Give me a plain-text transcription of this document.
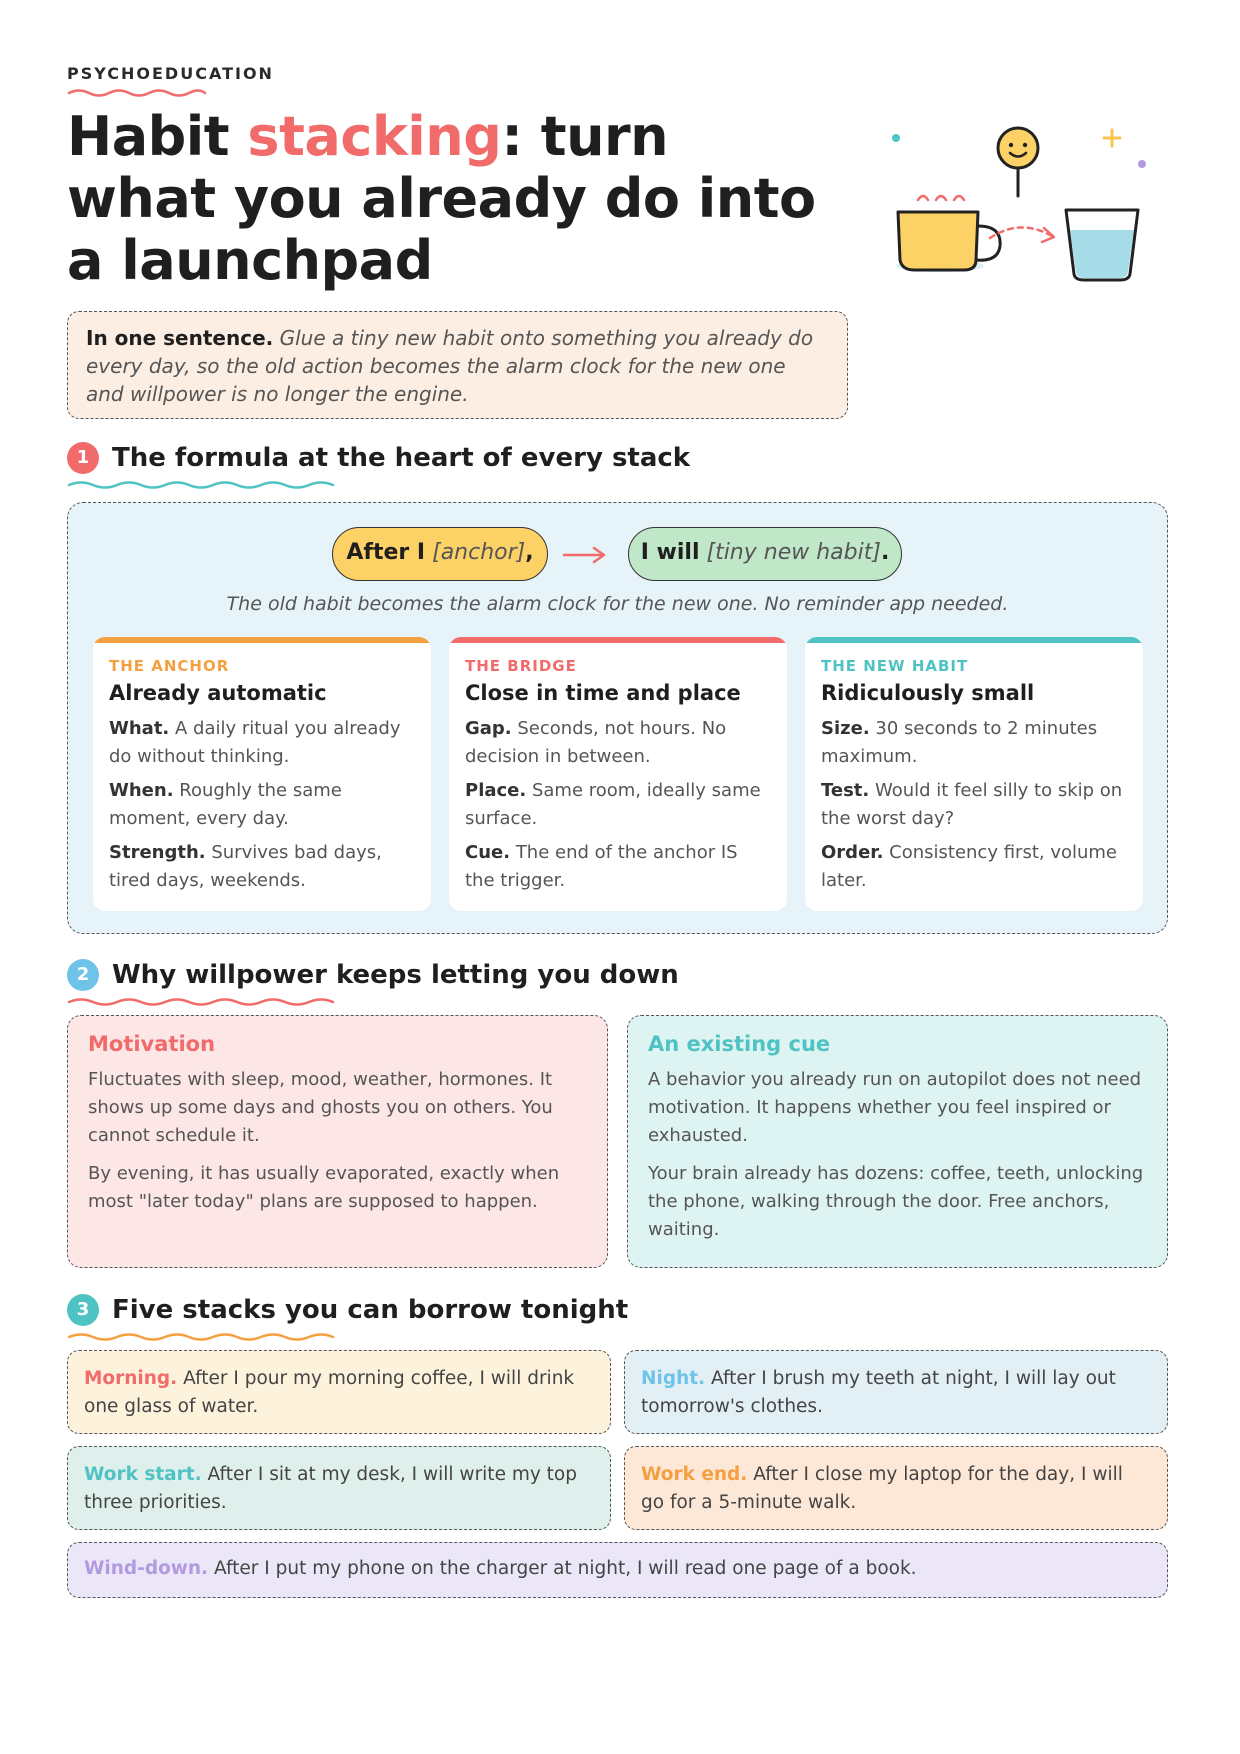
PSYCHOEDUCATION
Habit stacking: turn what you already do into a launchpad
In one sentence. Glue a tiny new habit onto something you already do every day, so the old action becomes the alarm clock for the new one and willpower is no longer the engine.
1 The formula at the heart of every stack
After I [anchor],	I will [tiny new habit].
The old habit becomes the alarm clock for the new one. No reminder app needed.
THE ANCHOR
Already automatic

What. A daily ritual you already do without thinking.

When. Roughly the same moment, every day.

Strength. Survives bad days, tired days, weekends.

THE BRIDGE
Close in time and place

Gap. Seconds, not hours. No decision in between.

Place. Same room, ideally same surface.

Cue. The end of the anchor IS the trigger.

THE NEW HABIT
Ridiculously small

Size. 30 seconds to 2 minutes maximum.

Test. Would it feel silly to skip on the worst day?

Order. Consistency first, volume later.

2 Why willpower keeps letting you down
Motivation

Fluctuates with sleep, mood, weather, hormones. It shows up some days and ghosts you on others. You cannot schedule it.

By evening, it has usually evaporated, exactly when most "later today" plans are supposed to happen.

An existing cue

A behavior you already run on autopilot does not need motivation. It happens whether you feel inspired or exhausted.

Your brain already has dozens: coffee, teeth, unlocking the phone, walking through the door. Free anchors, waiting.

3 Five stacks you can borrow tonight
Morning. After I pour my morning coffee, I will drink one glass of water.
Night. After I brush my teeth at night, I will lay out tomorrow's clothes.
Work start. After I sit at my desk, I will write my top three priorities.
Work end. After I close my laptop for the day, I will go for a 5-minute walk.
Wind-down. After I put my phone on the charger at night, I will read one page of a book.
